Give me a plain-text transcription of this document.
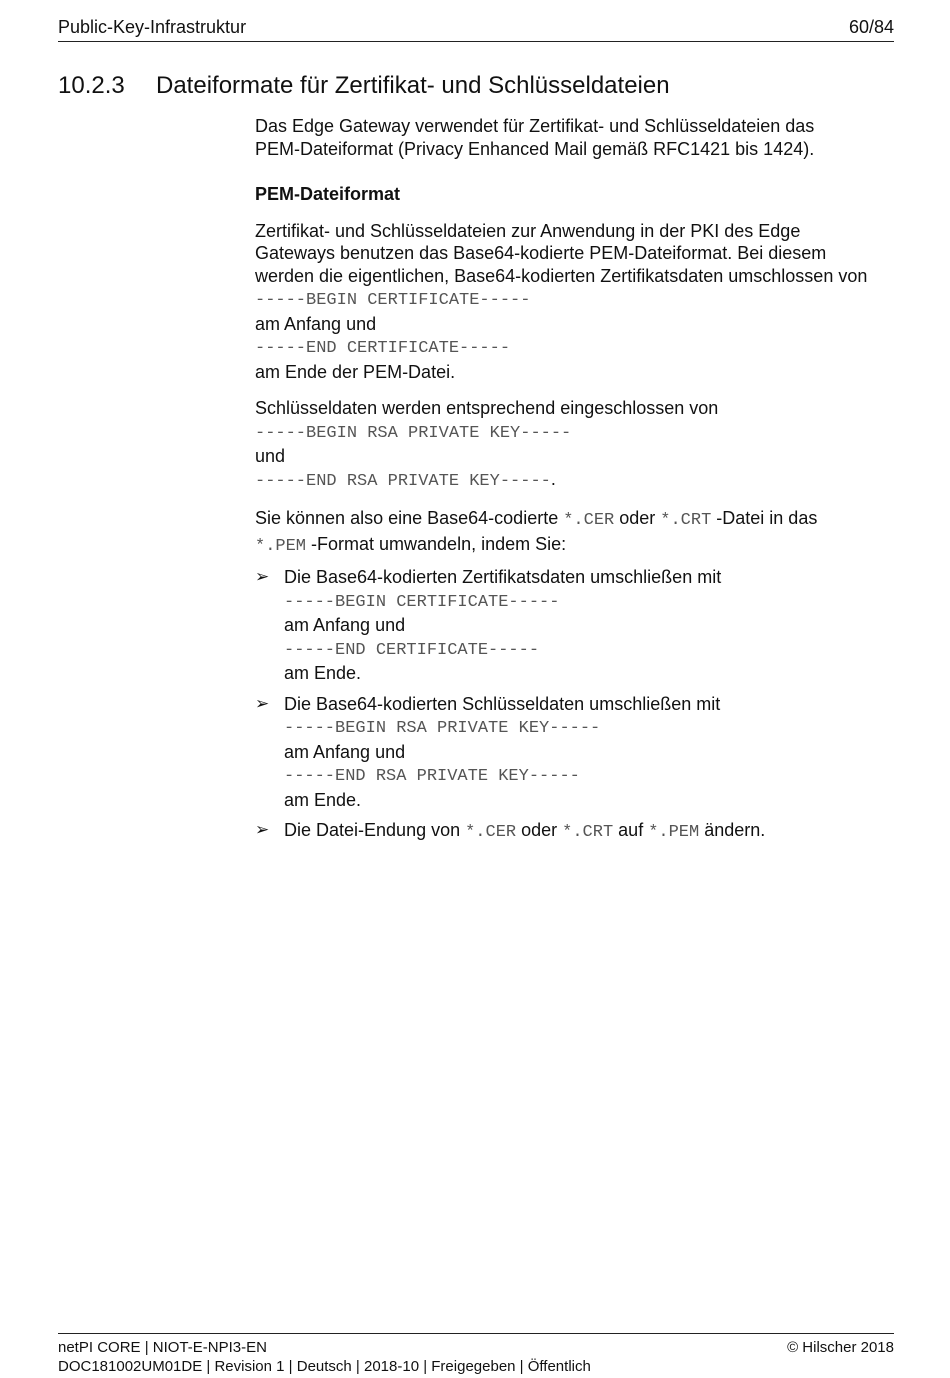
Public-Key-Infrastruktur	60/84
10.2.3 Dateiformate für Zertifikat- und Schlüsseldateien

Das Edge Gateway verwendet für Zertifikat- und Schlüsseldateien das
PEM-Dateiformat (Privacy Enhanced Mail gemäß RFC1421 bis 1424).

PEM-Dateiformat

Zertifikat- und Schlüsseldateien zur Anwendung in der PKI des Edge Gateways benutzen das Base64-kodierte PEM-Dateiformat. Bei diesem werden die eigentlichen, Base64-kodierten Zertifikatsdaten umschlossen von
-----BEGIN CERTIFICATE-----
am Anfang und
-----END CERTIFICATE-----
am Ende der PEM-Datei.

Schlüsseldaten werden entsprechend eingeschlossen von
-----BEGIN RSA PRIVATE KEY-----
und
-----END RSA PRIVATE KEY-----.

Sie können also eine Base64-codierte *.CER oder *.CRT -Datei in das
*.PEM -Format umwandeln, indem Sie:

➢ Die Base64-kodierten Zertifikatsdaten umschließen mit
-----BEGIN CERTIFICATE-----
am Anfang und
-----END CERTIFICATE-----
am Ende.
➢ Die Base64-kodierten Schlüsseldaten umschließen mit
-----BEGIN RSA PRIVATE KEY-----
am Anfang und
-----END RSA PRIVATE KEY-----
am Ende.
➢ Die Datei-Endung von *.CER oder *.CRT auf *.PEM ändern.
netPI CORE | NIOT-E-NPI3-EN	© Hilscher 2018
DOC181002UM01DE | Revision 1 | Deutsch | 2018-10 | Freigegeben | Öffentlich
